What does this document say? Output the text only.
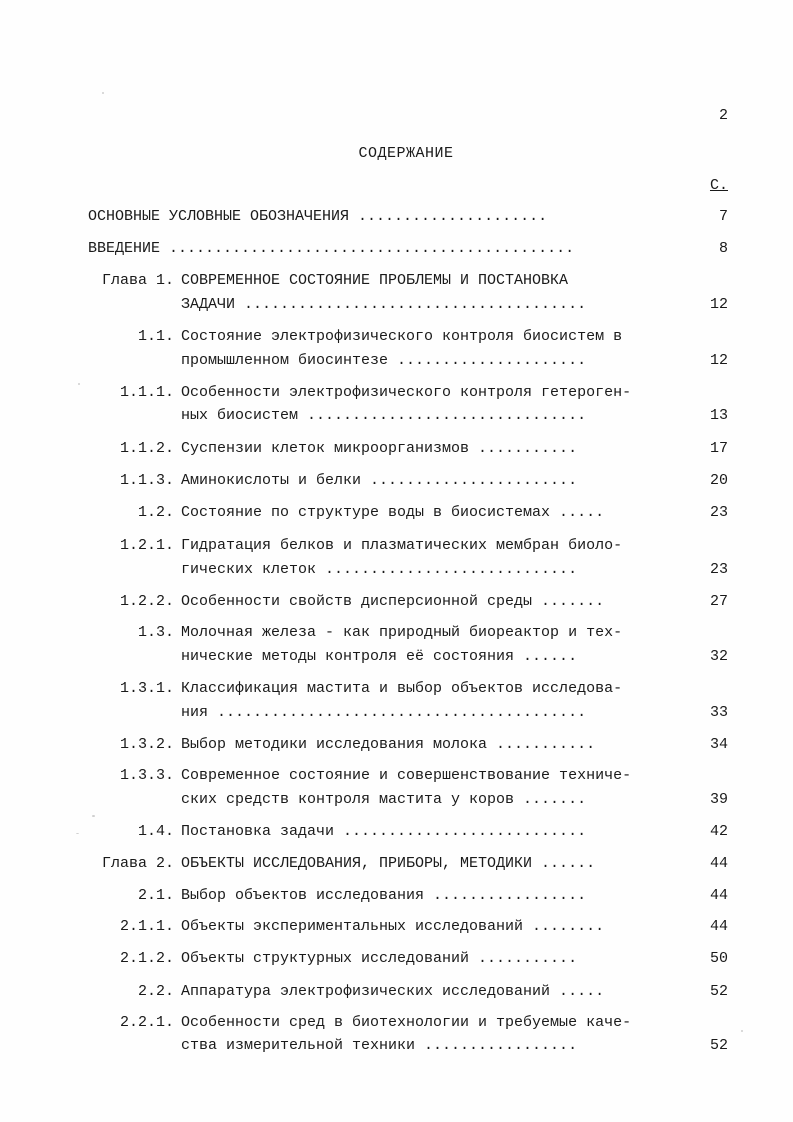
2
СОДЕРЖАНИЕ
С.
ОСНОВНЫЕ УСЛОВНЫЕ ОБОЗНАЧЕНИЯ .....................	7
ВВЕДЕНИЕ .............................................	8
Глава 1. СОВРЕМЕННОЕ СОСТОЯНИЕ ПРОБЛЕМЫ И ПОСТАНОВКА
ЗАДАЧИ ......................................	12
1.1. Состояние электрофизического контроля биосистем в
промышленном биосинтезе .....................	12
1.1.1. Особенности электрофизического контроля гетероген-
ных биосистем ...............................	13
1.1.2. Суспензии клеток микроорганизмов ...........	17
1.1.3. Аминокислоты и белки .......................	20
1.2. Состояние по структуре воды в биосистемах .....	23
1.2.1. Гидратация белков и плазматических мембран биоло-
гических клеток ............................	23
1.2.2. Особенности свойств дисперсионной среды .......	27
1.3. Молочная железа - как природный биореактор и тех-
нические методы контроля её состояния ......	32
1.3.1. Классификация мастита и выбор объектов исследова-
ния .........................................	33
1.3.2. Выбор методики исследования молока ...........	34
1.3.3. Современное состояние и совершенствование техниче-
ских средств контроля мастита у коров .......	39
1.4. Постановка задачи ...........................	42
Глава 2. ОБЪЕКТЫ ИССЛЕДОВАНИЯ, ПРИБОРЫ, МЕТОДИКИ ......	44
2.1. Выбор объектов исследования .................	44
2.1.1. Объекты экспериментальных исследований ........	44
2.1.2. Объекты структурных исследований ...........	50
2.2. Аппаратура электрофизических исследований .....	52
2.2.1. Особенности сред в биотехнологии и требуемые каче-
ства измерительной техники .................	52
